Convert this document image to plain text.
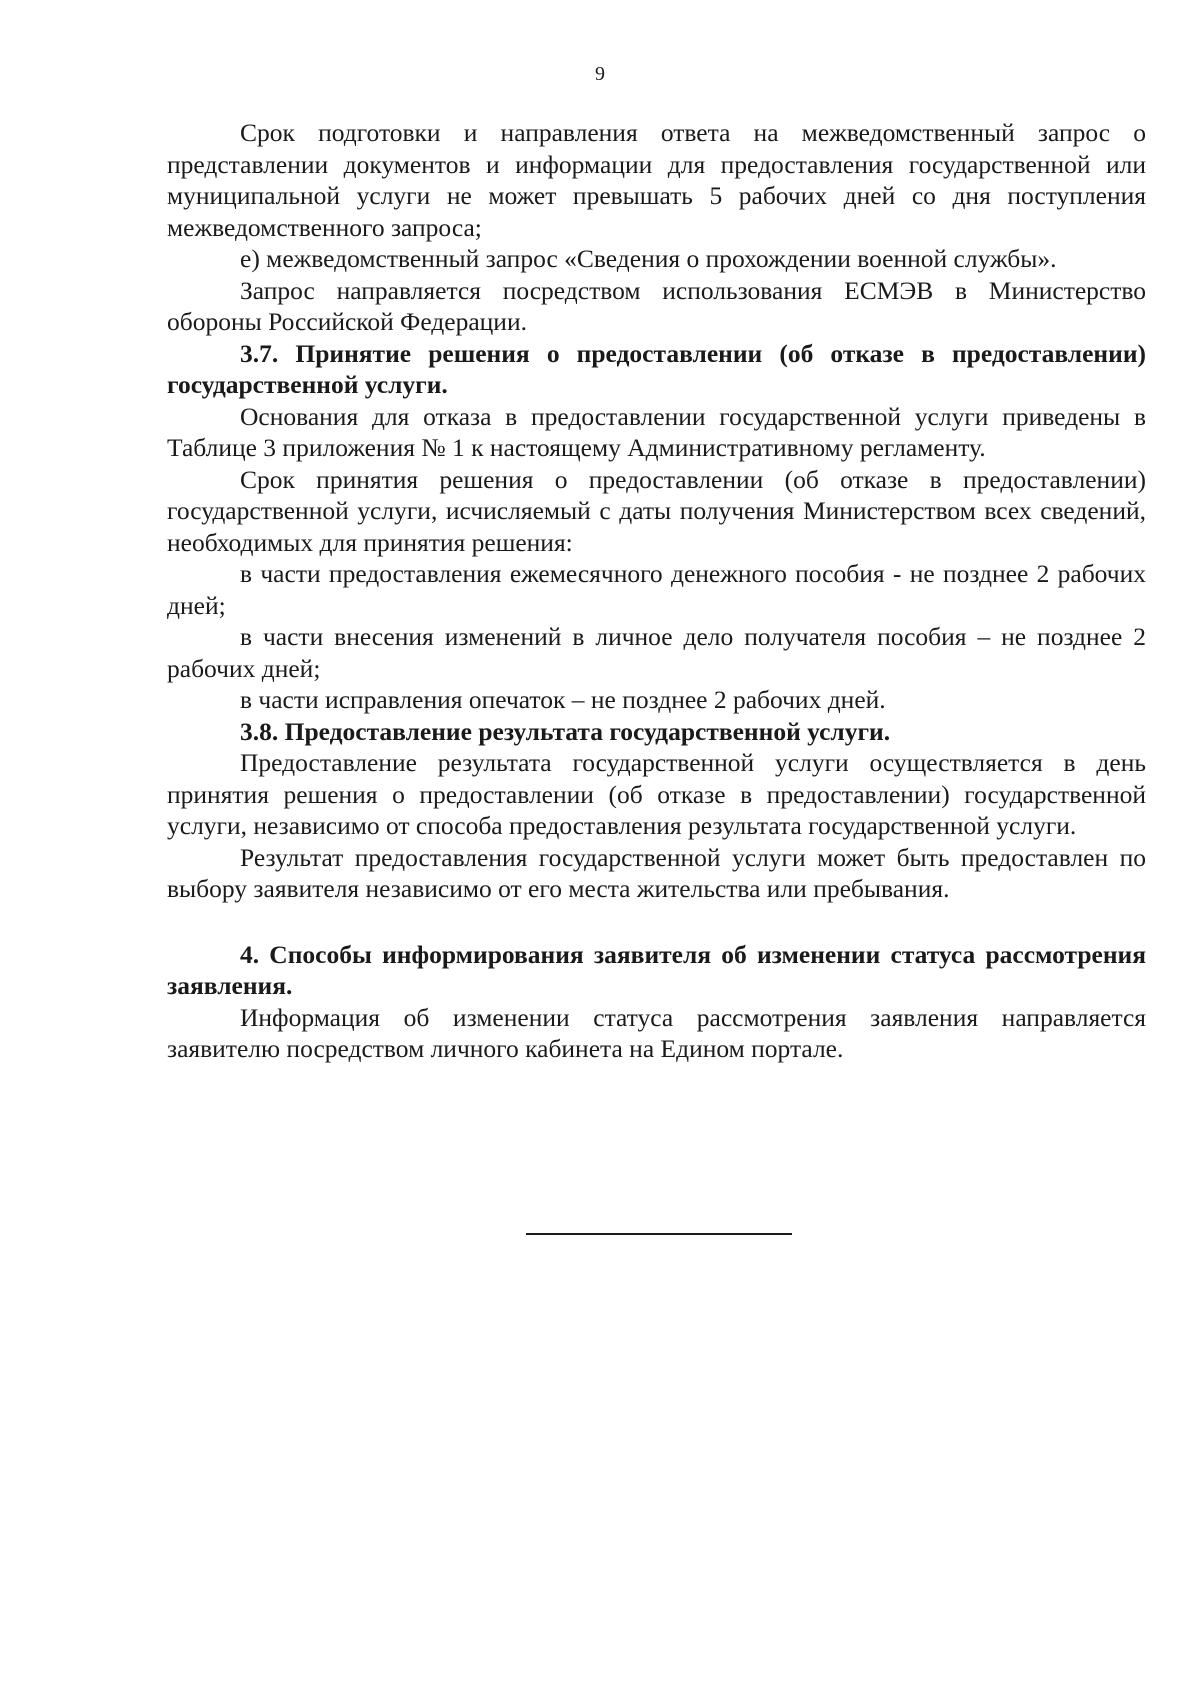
9

Срок подготовки и направления ответа на межведомственный запрос о представлении документов и информации для предоставления государственной или муниципальной услуги не может превышать 5 рабочих дней со дня поступления межведомственного запроса;

е) межведомственный запрос «Сведения о прохождении военной службы».

Запрос направляется посредством использования ЕСМЭВ в Министерство обороны Российской Федерации.

3.7. Принятие решения о предоставлении (об отказе в предоставлении) государственной услуги.

Основания для отказа в предоставлении государственной услуги приведены в Таблице 3 приложения № 1 к настоящему Административному регламенту.

Срок принятия решения о предоставлении (об отказе в предоставлении) государственной услуги, исчисляемый с даты получения Министерством всех сведений, необходимых для принятия решения:

в части предоставления ежемесячного денежного пособия - не позднее 2 рабочих дней;

в части внесения изменений в личное дело получателя пособия – не позднее 2 рабочих дней;

в части исправления опечаток – не позднее 2 рабочих дней.

3.8. Предоставление результата государственной услуги.

Предоставление результата государственной услуги осуществляется в день принятия решения о предоставлении (об отказе в предоставлении) государственной услуги, независимо от способа предоставления результата государственной услуги.

Результат предоставления государственной услуги может быть предоставлен по выбору заявителя независимо от его места жительства или пребывания.

4. Способы информирования заявителя об изменении статуса рассмотрения заявления.

Информация об изменении статуса рассмотрения заявления направляется заявителю посредством личного кабинета на Едином портале.
